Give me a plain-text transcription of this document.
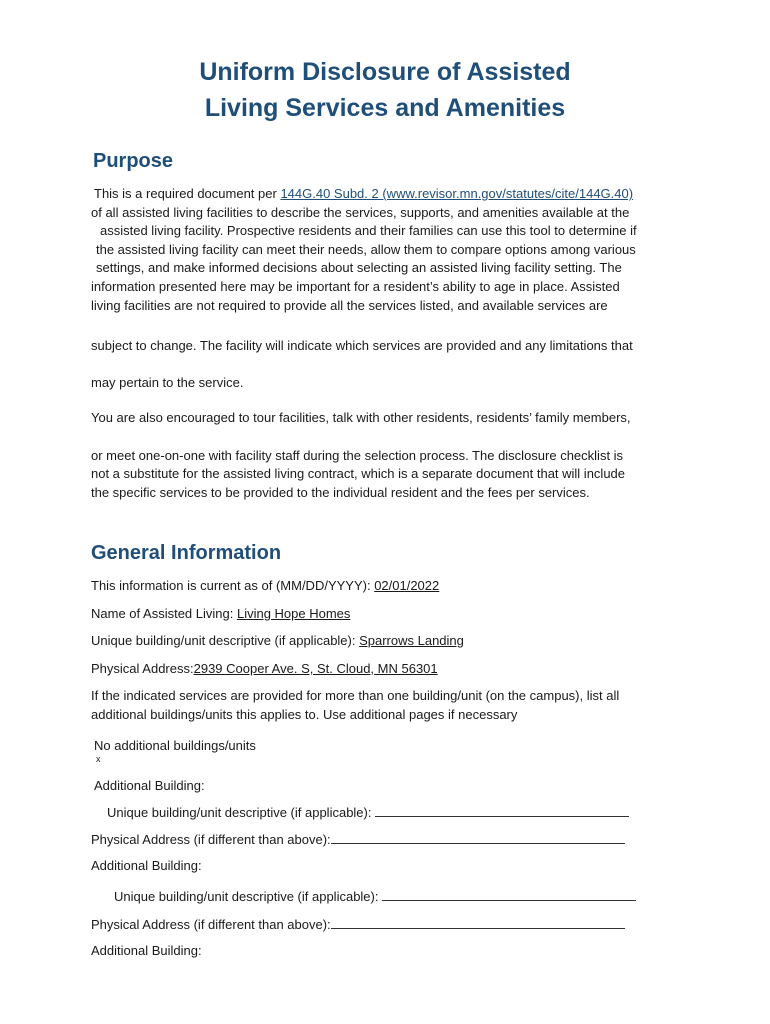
Uniform Disclosure of Assisted
Living Services and Amenities
Purpose
This is a required document per 144G.40 Subd. 2 (www.revisor.mn.gov/statutes/cite/144G.40)
of all assisted living facilities to describe the services, supports, and amenities available at the
assisted living facility. Prospective residents and their families can use this tool to determine if
the assisted living facility can meet their needs, allow them to compare options among various
settings, and make informed decisions about selecting an assisted living facility setting. The
information presented here may be important for a resident’s ability to age in place. Assisted
living facilities are not required to provide all the services listed, and available services are
subject to change. The facility will indicate which services are provided and any limitations that
may pertain to the service.
You are also encouraged to tour facilities, talk with other residents, residents’ family members,
or meet one-on-one with facility staff during the selection process. The disclosure checklist is
not a substitute for the assisted living contract, which is a separate document that will include
the specific services to be provided to the individual resident and the fees per services.
General Information
This information is current as of (MM/DD/YYYY): 02/01/2022
Name of Assisted Living: Living Hope Homes
Unique building/unit descriptive (if applicable): Sparrows Landing
Physical Address:2939 Cooper Ave. S, St. Cloud, MN 56301
If the indicated services are provided for more than one building/unit (on the campus), list all
additional buildings/units this applies to. Use additional pages if necessary
No additional buildings/units
x
Additional Building:
Unique building/unit descriptive (if applicable):
Physical Address (if different than above):
Additional Building:
Unique building/unit descriptive (if applicable):
Physical Address (if different than above):
Additional Building:
